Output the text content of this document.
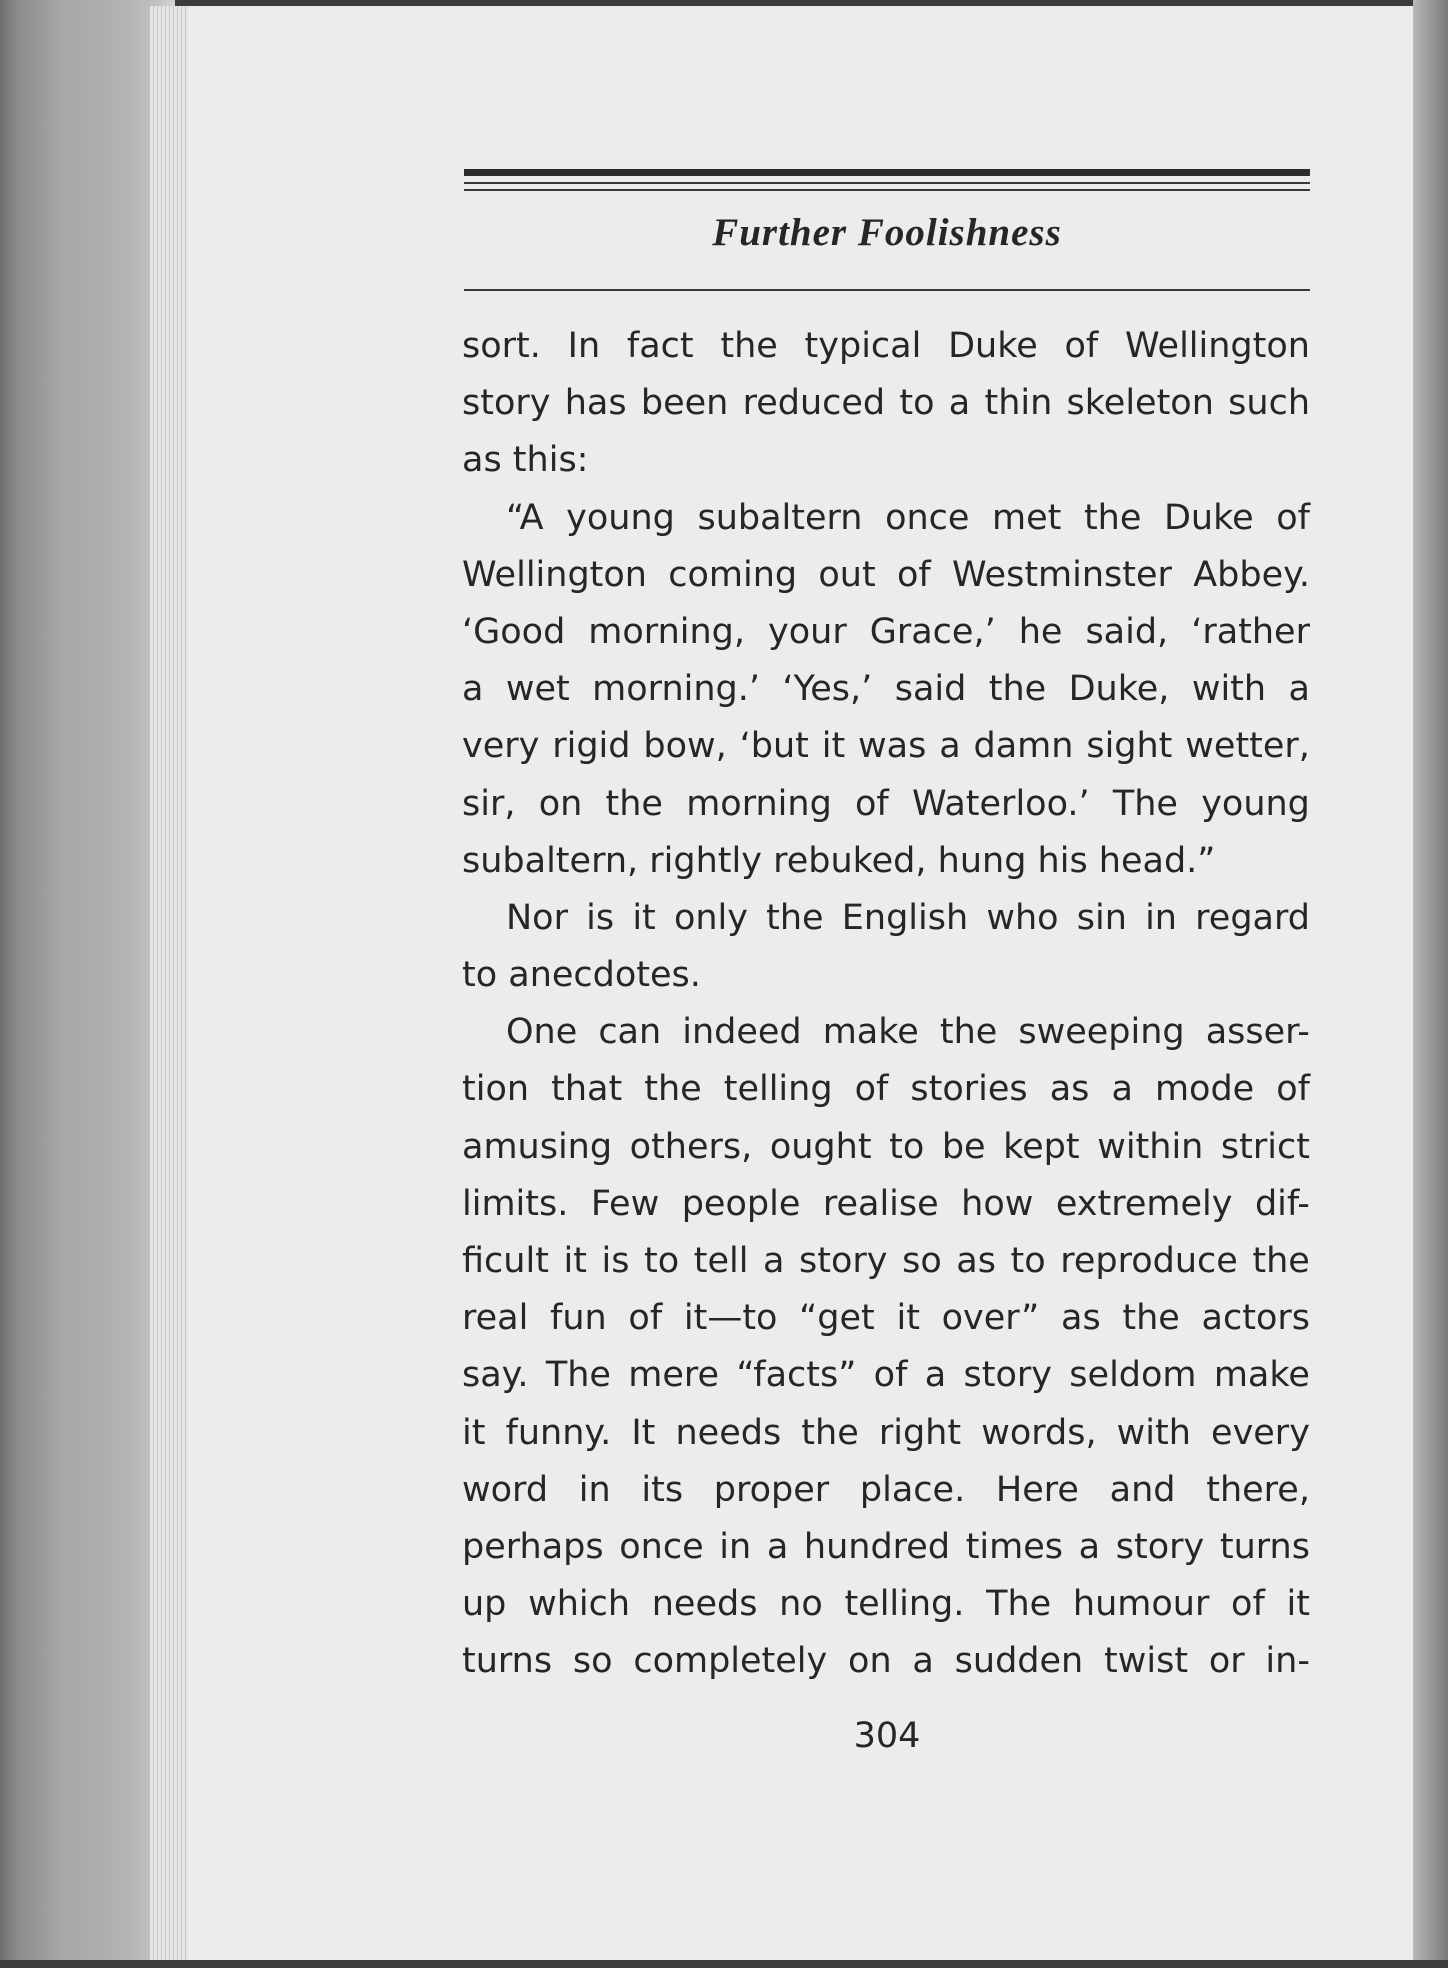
Further Foolishness
sort. In fact the typical Duke of Wellington
story has been reduced to a thin skeleton such
as this:
“A young subaltern once met the Duke of
Wellington coming out of Westminster Abbey.
‘Good morning, your Grace,’ he said, ‘rather
a wet morning.’ ‘Yes,’ said the Duke, with a
very rigid bow, ‘but it was a damn sight wetter,
sir, on the morning of Waterloo.’ The young
subaltern, rightly rebuked, hung his head.”
Nor is it only the English who sin in regard
to anecdotes.
One can indeed make the sweeping asser-
tion that the telling of stories as a mode of
amusing others, ought to be kept within strict
limits. Few people realise how extremely dif-
ficult it is to tell a story so as to reproduce the
real fun of it—to “get it over” as the actors
say. The mere “facts” of a story seldom make
it funny. It needs the right words, with every
word in its proper place. Here and there,
perhaps once in a hundred times a story turns
up which needs no telling. The humour of it
turns so completely on a sudden twist or in-
304
